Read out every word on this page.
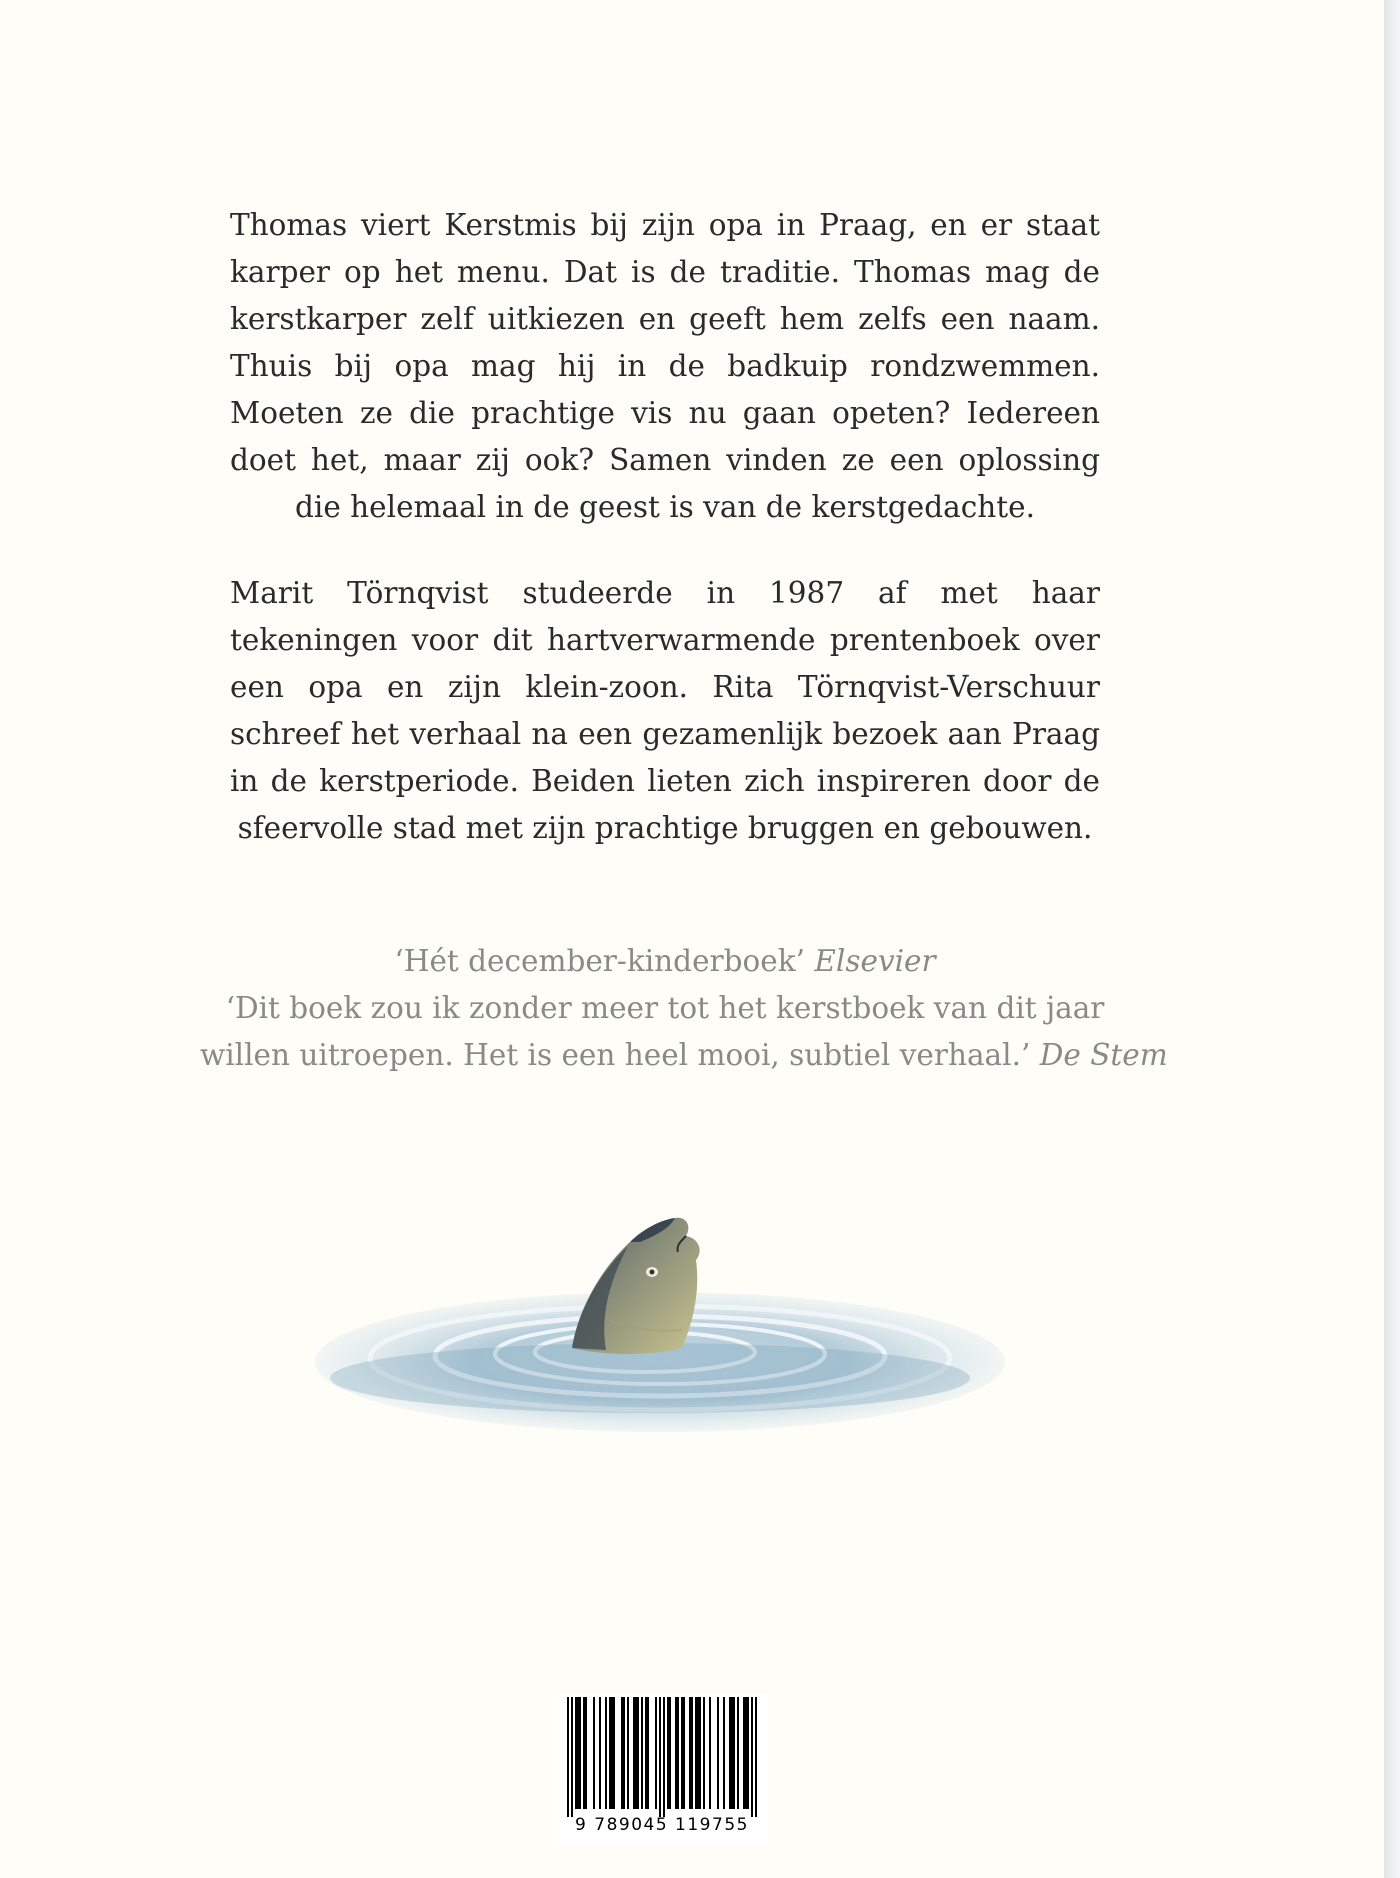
Thomas viert Kerstmis bij zijn opa in Praag, en er staat karper op het menu. Dat is de traditie. Thomas mag de kerstkarper zelf uitkiezen en geeft hem zelfs een naam. Thuis bij opa mag hij in de badkuip rondzwemmen. Moeten ze die prachtige vis nu gaan opeten? Iedereen doet het, maar zij ook? Samen vinden ze een oplossing die helemaal in de geest is van de kerstgedachte.

Marit Törnqvist studeerde in 1987 af met haar tekeningen voor dit hartverwarmende prentenboek over een opa en zijn klein-zoon. Rita Törnqvist-Verschuur schreef het verhaal na een gezamenlijk bezoek aan Praag in de kerstperiode. Beiden lieten zich inspireren door de sfeervolle stad met zijn prachtige bruggen en gebouwen.

‘Hét december-kinderboek’ Elsevier
‘Dit boek zou ik zonder meer tot het kerstboek van dit jaar
willen uitroepen. Het is een heel mooi, subtiel verhaal.’ De Stem
9 789045 119755
